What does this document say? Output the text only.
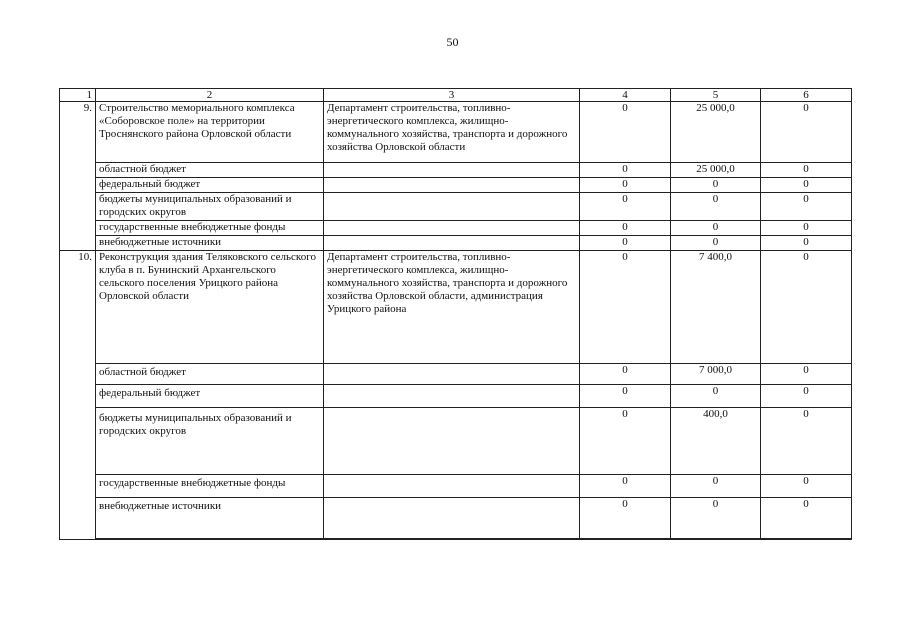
50
1	2	3	4	5	6
9.	Строительство мемориального комплекса «Соборовское поле» на территории Троснянского района Орловской области	Департамент строительства, топливно-энергетического комплекса, жилищно-коммунального хозяйства, транспорта и дорожного хозяйства Орловской области	0	25 000,0	0
	областной бюджет		0	25 000,0	0
	федеральный бюджет		0	0	0
	бюджеты муниципальных образований и городских округов		0	0	0
	государственные внебюджетные фонды		0	0	0
	внебюджетные источники		0	0	0
10.	Реконструкция здания Теляковского сельского клуба в п. Бунинский Архангельского сельского поселения Урицкого района Орловской области	Департамент строительства, топливно-энергетического комплекса, жилищно-коммунального хозяйства, транспорта и дорожного хозяйства Орловской области, администрация Урицкого района	0	7 400,0	0
	областной бюджет		0	7 000,0	0
	федеральный бюджет		0	0	0
	бюджеты муниципальных образований и городских округов		0	400,0	0
	государственные внебюджетные фонды		0	0	0
	внебюджетные источники		0	0	0
